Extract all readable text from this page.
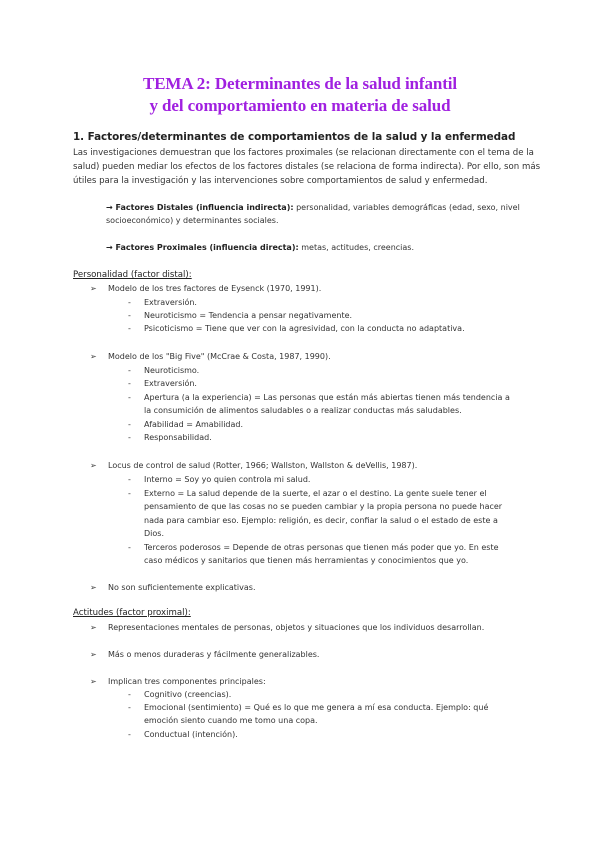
TEMA 2: Determinantes de la salud infantil
y del comportamiento en materia de salud
1. Factores/determinantes de comportamientos de la salud y la enfermedad
Las investigaciones demuestran que los factores proximales (se relacionan directamente con el tema de la
salud) pueden mediar los efectos de los factores distales (se relaciona de forma indirecta). Por ello, son más
útiles para la investigación y las intervenciones sobre comportamientos de salud y enfermedad.
→ Factores Distales (influencia indirecta): personalidad, variables demográficas (edad, sexo, nivel
socioeconómico) y determinantes sociales.
→ Factores Proximales (influencia directa): metas, actitudes, creencias.
Personalidad (factor distal):
➢ Modelo de los tres factores de Eysenck (1970, 1991).
- Extraversión.
- Neuroticismo = Tendencia a pensar negativamente.
- Psicoticismo = Tiene que ver con la agresividad, con la conducta no adaptativa.
➢ Modelo de los "Big Five" (McCrae & Costa, 1987, 1990).
- Neuroticismo.
- Extraversión.
- Apertura (a la experiencia) = Las personas que están más abiertas tienen más tendencia a
la consumición de alimentos saludables o a realizar conductas más saludables.
- Afabilidad = Amabilidad.
- Responsabilidad.
➢ Locus de control de salud (Rotter, 1966; Wallston, Wallston & deVellis, 1987).
- Interno = Soy yo quien controla mi salud.
- Externo = La salud depende de la suerte, el azar o el destino. La gente suele tener el
pensamiento de que las cosas no se pueden cambiar y la propia persona no puede hacer
nada para cambiar eso. Ejemplo: religión, es decir, confiar la salud o el estado de este a
Dios.
- Terceros poderosos = Depende de otras personas que tienen más poder que yo. En este
caso médicos y sanitarios que tienen más herramientas y conocimientos que yo.
➢ No son suficientemente explicativas.
Actitudes (factor proximal):
➢ Representaciones mentales de personas, objetos y situaciones que los individuos desarrollan.
➢ Más o menos duraderas y fácilmente generalizables.
➢ Implican tres componentes principales:
- Cognitivo (creencias).
- Emocional (sentimiento) = Qué es lo que me genera a mí esa conducta. Ejemplo: qué
emoción siento cuando me tomo una copa.
- Conductual (intención).
